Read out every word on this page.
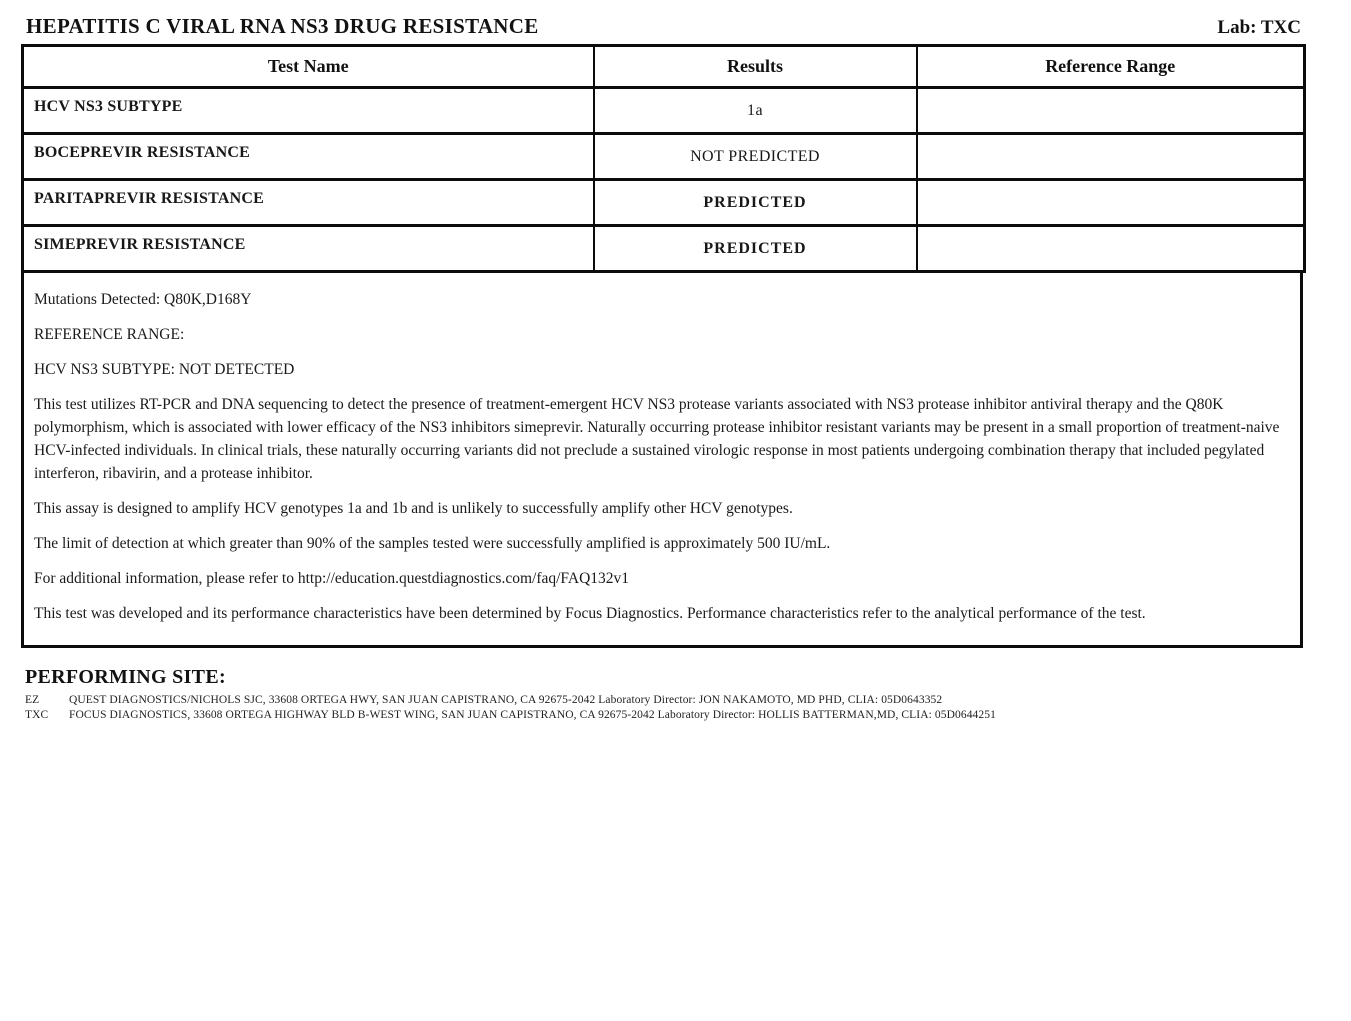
HEPATITIS C VIRAL RNA NS3 DRUG RESISTANCE	Lab: TXC
Test Name	Results	Reference Range
HCV NS3 SUBTYPE	1a	
BOCEPREVIR RESISTANCE	NOT PREDICTED	
PARITAPREVIR RESISTANCE	PREDICTED	
SIMEPREVIR RESISTANCE	PREDICTED	

Mutations Detected: Q80K,D168Y

REFERENCE RANGE:

HCV NS3 SUBTYPE: NOT DETECTED

This test utilizes RT-PCR and DNA sequencing to detect the presence of treatment-emergent HCV NS3 protease variants associated with NS3 protease inhibitor antiviral therapy and the Q80K polymorphism, which is associated with lower efficacy of the NS3 inhibitors simeprevir. Naturally occurring protease inhibitor resistant variants may be present in a small proportion of treatment-naive HCV-infected individuals. In clinical trials, these naturally occurring variants did not preclude a sustained virologic response in most patients undergoing combination therapy that included pegylated interferon, ribavirin, and a protease inhibitor.

This assay is designed to amplify HCV genotypes 1a and 1b and is unlikely to successfully amplify other HCV genotypes.

The limit of detection at which greater than 90% of the samples tested were successfully amplified is approximately 500 IU/mL.

For additional information, please refer to http://education.questdiagnostics.com/faq/FAQ132v1

This test was developed and its performance characteristics have been determined by Focus Diagnostics. Performance characteristics refer to the analytical performance of the test.

PERFORMING SITE:
EZ	QUEST DIAGNOSTICS/NICHOLS SJC, 33608 ORTEGA HWY, SAN JUAN CAPISTRANO, CA 92675-2042 Laboratory Director: JON NAKAMOTO, MD PHD, CLIA: 05D0643352
TXC	FOCUS DIAGNOSTICS, 33608 ORTEGA HIGHWAY BLD B-WEST WING, SAN JUAN CAPISTRANO, CA 92675-2042 Laboratory Director: HOLLIS BATTERMAN,MD, CLIA: 05D0644251
